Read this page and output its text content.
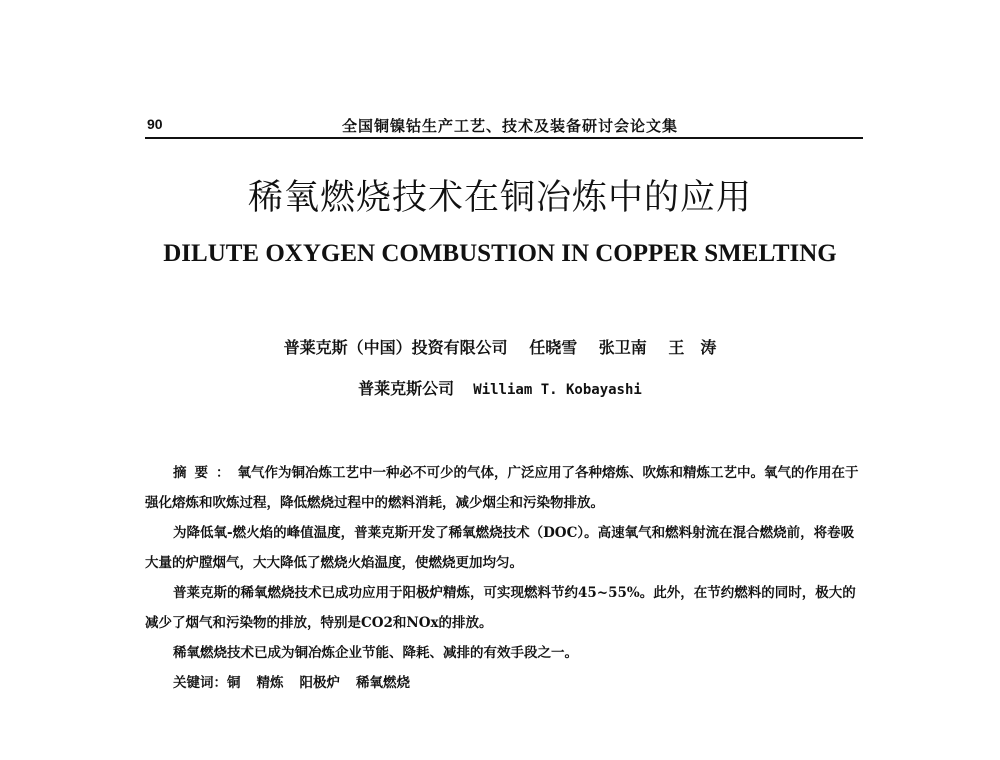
90	全国铜镍钴生产工艺、技术及装备研讨会论文集
稀氧燃烧技术在铜冶炼中的应用
DILUTE OXYGEN COMBUSTION IN COPPER SMELTING
普莱克斯（中国）投资有限公司 任晓雪 张卫南 王　涛
普莱克斯公司 William T. Kobayashi

摘要：氧气作为铜冶炼工艺中一种必不可少的气体，广泛应用了各种熔炼、吹炼和精炼工艺中。氧气的作用在于强化熔炼和吹炼过程，降低燃烧过程中的燃料消耗，减少烟尘和污染物排放。

为降低氧-燃火焰的峰值温度，普莱克斯开发了稀氧燃烧技术（DOC）。高速氧气和燃料射流在混合燃烧前，将卷吸大量的炉膛烟气，大大降低了燃烧火焰温度，使燃烧更加均匀。

普莱克斯的稀氧燃烧技术已成功应用于阳极炉精炼，可实现燃料节约45~55%。此外，在节约燃料的同时，极大的减少了烟气和污染物的排放，特别是CO2和NOx的排放。

稀氧燃烧技术已成为铜冶炼企业节能、降耗、减排的有效手段之一。

关键词：铜 精炼 阳极炉 稀氧燃烧
